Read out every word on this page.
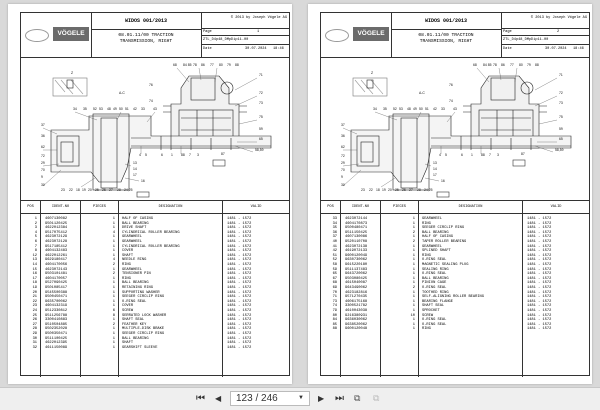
VÖGELE
WIDOS 001/2013
08.01.11/00 TRACTION
TRANSMISSION, RIGHT
© 2013 by Joseph Vögele AG
Page	1
ZTL_D4p48_DMpDip11-00
Date	30.07.2024 18:46
Z
A-C
68 84 85 78 86 77 80 79 88
71
72
73
75
59
65
58,59
87
76
74
37
36
62
72
29
70
9
30
34 35 52 53 48 49 50 51 42 33 43
4 5	6 1 88 7 3
13
14
17
16
23 22 18 19 20 25 26 27 28 24,25
POS	IDENT-NO	PIECES	DESIGNATION	VALID
1 4607130082	1 HALF OF CASING	1481 - 1572
2 9501120425	1 BALL BEARING	1481 - 1572
3 4622012384	1 DRIVE SHAFT	1481 - 1572
4 9517075412	4 CYLINDRICAL ROLLER BEARING	1481 - 1572
5 4623072129	1 GEARWHEEL	1481 - 1572
6 4623072128	1 GEARWHEEL	1481 - 1572
7 9517185412	1 CYLINDRICAL ROLLER BEARING	1481 - 1572
8 4604132483	1 COVER	1481 - 1572
12 4622012261	1 SHAFT	1481 - 1572
13 9629180417	4 NEEDLE RING	1481 - 1572
14 4604170056	2 RING	1481 - 1572
15 4623072143	1 GEARWHEEL	1481 - 1572
16 9503101481	2 TENSIONER PIN	1481 - 1572
17 4604170057	1 RING	1481 - 1572
18 9527090425	1 BALL BEARING	1481 - 1572
19 9501085417	1 RETAINING RING	1481 - 1572
20 9545500388	1 SUPPORTING WASHER	1481 - 1572
21 9500450471	1 SEEGER CIRCLIP RING	1481 - 1572
22 9635700062	1 O-RING SEAL	1481 - 1572
23 4604132319	1 COVER	1481 - 1572
24 9512330812	6 SCREW	1481 - 1572
25 9511256788	8 SERRATED LOCK WASHER	1481 - 1572
26 3300410883	1 SHAFT SEAL	1481 - 1572
27 9510504885	2 FEATHER KEY	1481 - 1572
28 9502352028	1 MULTIPLE-DISK BRAKE	1481 - 1572
29 9500350471	1 SEEGER CIRCLIP RING	1481 - 1572
30 9511100425	1 BALL BEARING	1481 - 1572
31 4622012395	1 SHAFT	1481 - 1572
32 4611150089	1 GEARSHIFT SLEEVE	1481 - 1572
VÖGELE
WIDOS 001/2013
08.01.11/00 TRACTION
TRANSMISSION, RIGHT
© 2013 by Joseph Vögele AG
Page	2
ZTL_D4p48_DMpDip11-00
Date	30.07.2024 18:46
Z
A-C
68 84 85 78 86 77 80 79 88
71
72
73
75
59
65
58,59
87
76
74
37
36
62
72
29
70
9
30
34 35 52 53 48 49 50 51 42 33 43
4 5	6 1 88 7 3
13
14
17
16
23 22 18 19 20 25 26 27 28 24,25
POS	IDENT-NO	PIECES	DESIGNATION	VALID
33 4623072144	1 GEARWHEEL	1481 - 1572
34 4604170873	1 RING	1481 - 1572
35 9500480471	1 SEEGER CIRCLIP RING	1481 - 1572
36 9511150425	2 BALL BEARING	1481 - 1572
37 4607130086	1 HALF OF CASING	1481 - 1572
40 9520110708	2 TAPER ROLLER BEARING	1481 - 1572
41 4623072138	1 GEARWHEEL	1481 - 1572
42 4619072133	1 SPLINED SHAFT	1481 - 1572
51 9600120049	1 RING	1481 - 1572
52 9630730062	1 O-RING SEAL	1481 - 1572
58 9615220180	1 MAGNETIC SEALING PLUG	1481 - 1572
59 9511137483	1 SEALING RING	1481 - 1572
65 9643720062	1 O-RING SEAL	1481 - 1572
67 9503080425	1 BALL BEARING	1481 - 1572
68 4615040087	1 PINION CAGE	1481 - 1572
69 9643490062	2 O-RING SEAL	1481 - 1572
70 4623182816	1 TOOTHED RING	1481 - 1572
71 9571270435	1 SELF-ALIGNING ROLLER BEARING	1481 - 1572
73 4606175168	1 BEARING FLANGE	1481 - 1572
74 3300521782	1 SHAFT SEAL	1481 - 1572
79 4610043038	1 SPROCKET	1481 - 1572
80 9216380931	10 SCREW	1481 - 1572
84 9636030062	1 O-RING SEAL	1481 - 1572
85 9638520062	1 O-RING SEAL	1481 - 1572
88 9600120048	1 RING	1481 - 1572
⏮ ◀	123 / 246	▼ ▶ ⏭ ⧉ ⧉
